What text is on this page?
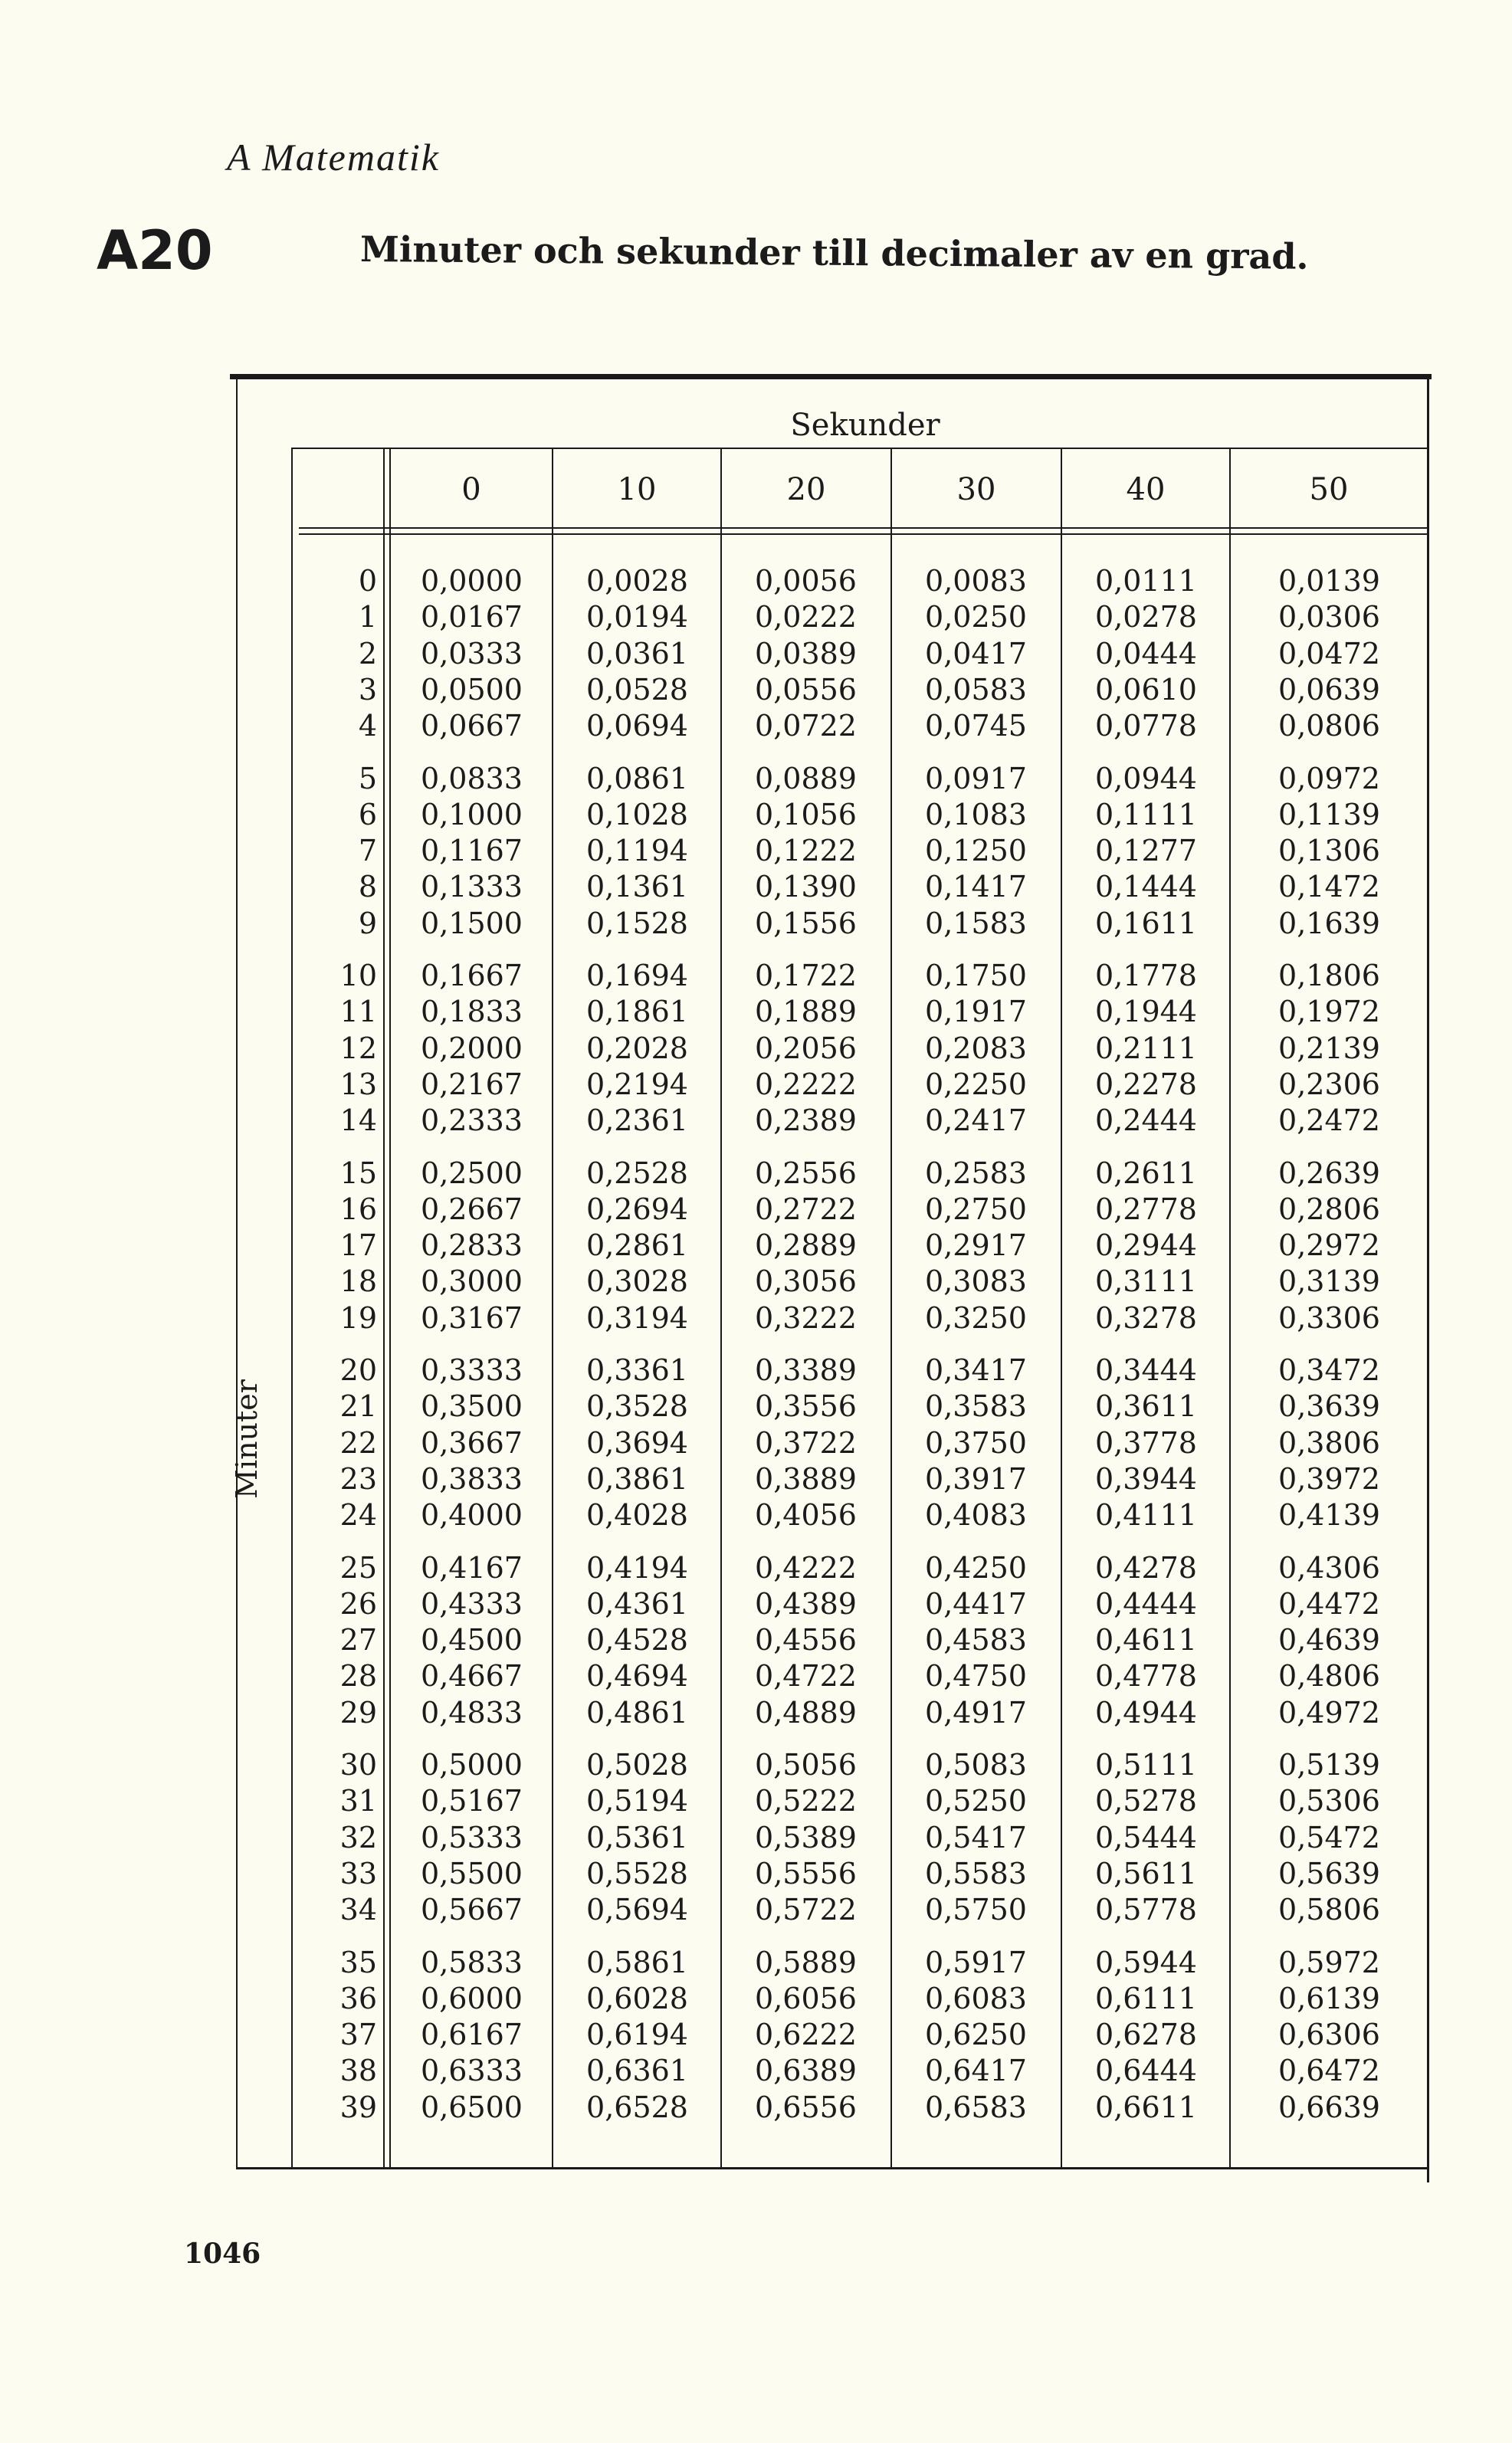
A Matematik
A20	Minuter och sekunder till decimaler av en grad.
Sekunder
0	10	20	30	40	50
Minuter
0	0,0000	0,0028	0,0056	0,0083	0,0111	0,0139
1	0,0167	0,0194	0,0222	0,0250	0,0278	0,0306
2	0,0333	0,0361	0,0389	0,0417	0,0444	0,0472
3	0,0500	0,0528	0,0556	0,0583	0,0610	0,0639
4	0,0667	0,0694	0,0722	0,0745	0,0778	0,0806
5	0,0833	0,0861	0,0889	0,0917	0,0944	0,0972
6	0,1000	0,1028	0,1056	0,1083	0,1111	0,1139
7	0,1167	0,1194	0,1222	0,1250	0,1277	0,1306
8	0,1333	0,1361	0,1390	0,1417	0,1444	0,1472
9	0,1500	0,1528	0,1556	0,1583	0,1611	0,1639
10	0,1667	0,1694	0,1722	0,1750	0,1778	0,1806
11	0,1833	0,1861	0,1889	0,1917	0,1944	0,1972
12	0,2000	0,2028	0,2056	0,2083	0,2111	0,2139
13	0,2167	0,2194	0,2222	0,2250	0,2278	0,2306
14	0,2333	0,2361	0,2389	0,2417	0,2444	0,2472
15	0,2500	0,2528	0,2556	0,2583	0,2611	0,2639
16	0,2667	0,2694	0,2722	0,2750	0,2778	0,2806
17	0,2833	0,2861	0,2889	0,2917	0,2944	0,2972
18	0,3000	0,3028	0,3056	0,3083	0,3111	0,3139
19	0,3167	0,3194	0,3222	0,3250	0,3278	0,3306
20	0,3333	0,3361	0,3389	0,3417	0,3444	0,3472
21	0,3500	0,3528	0,3556	0,3583	0,3611	0,3639
22	0,3667	0,3694	0,3722	0,3750	0,3778	0,3806
23	0,3833	0,3861	0,3889	0,3917	0,3944	0,3972
24	0,4000	0,4028	0,4056	0,4083	0,4111	0,4139
25	0,4167	0,4194	0,4222	0,4250	0,4278	0,4306
26	0,4333	0,4361	0,4389	0,4417	0,4444	0,4472
27	0,4500	0,4528	0,4556	0,4583	0,4611	0,4639
28	0,4667	0,4694	0,4722	0,4750	0,4778	0,4806
29	0,4833	0,4861	0,4889	0,4917	0,4944	0,4972
30	0,5000	0,5028	0,5056	0,5083	0,5111	0,5139
31	0,5167	0,5194	0,5222	0,5250	0,5278	0,5306
32	0,5333	0,5361	0,5389	0,5417	0,5444	0,5472
33	0,5500	0,5528	0,5556	0,5583	0,5611	0,5639
34	0,5667	0,5694	0,5722	0,5750	0,5778	0,5806
35	0,5833	0,5861	0,5889	0,5917	0,5944	0,5972
36	0,6000	0,6028	0,6056	0,6083	0,6111	0,6139
37	0,6167	0,6194	0,6222	0,6250	0,6278	0,6306
38	0,6333	0,6361	0,6389	0,6417	0,6444	0,6472
39	0,6500	0,6528	0,6556	0,6583	0,6611	0,6639
1046
